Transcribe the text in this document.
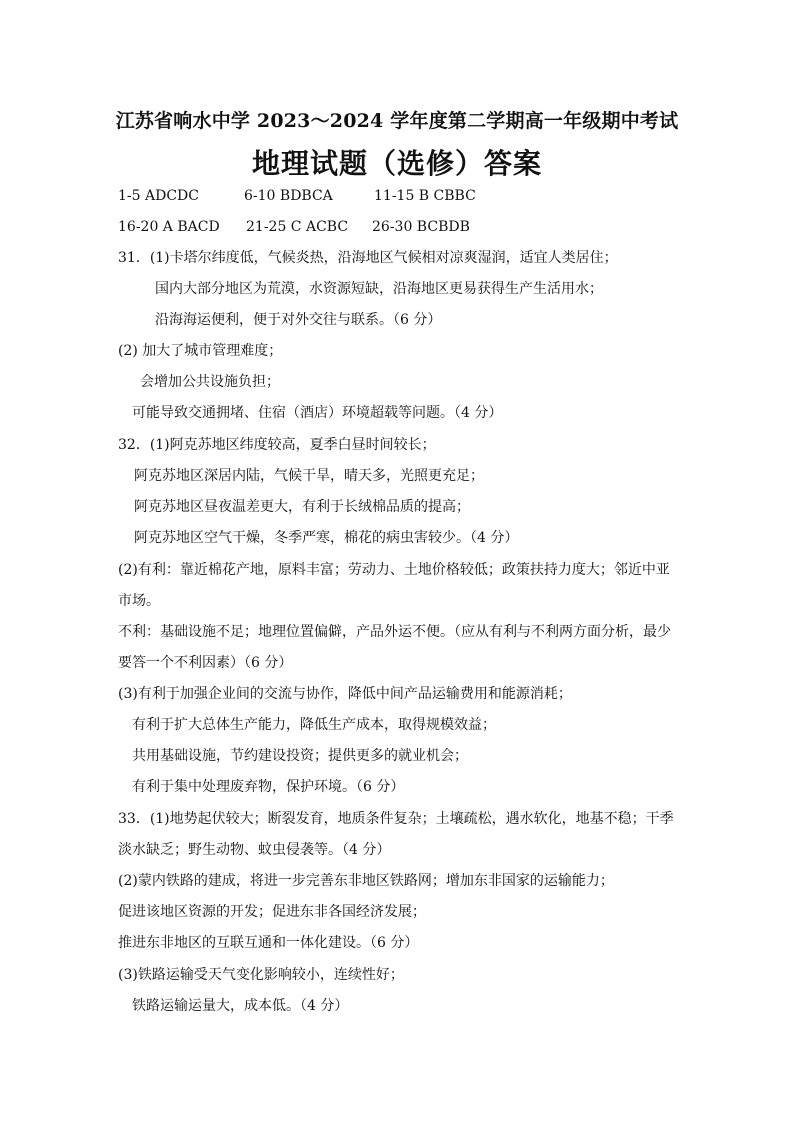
江苏省响水中学 2023～2024 学年度第二学期高一年级期中考试
地理试题（选修）答案
1-5 ADCDC	6-10 BDBCA	11-15 B CBBC
16-20 A BACD 21-25 C ACBC 26-30 BCBDB
31．(1)卡塔尔纬度低，气候炎热，沿海地区气候相对凉爽湿润，适宜人类居住；
国内大部分地区为荒漠，水资源短缺，沿海地区更易获得生产生活用水；
沿海海运便利，便于对外交往与联系。（6 分）
(2) 加大了城市管理难度；
会增加公共设施负担；
可能导致交通拥堵、住宿（酒店）环境超载等问题。（4 分）
32．(1)阿克苏地区纬度较高，夏季白昼时间较长；
阿克苏地区深居内陆，气候干旱，晴天多，光照更充足；
阿克苏地区昼夜温差更大，有利于长绒棉品质的提高；
阿克苏地区空气干燥，冬季严寒，棉花的病虫害较少。（4 分）
(2)有利：靠近棉花产地，原料丰富；劳动力、土地价格较低；政策扶持力度大；邻近中亚
市场。
不利：基础设施不足；地理位置偏僻，产品外运不便。（应从有利与不利两方面分析，最少
要答一个不利因素）（6 分）
(3)有利于加强企业间的交流与协作，降低中间产品运输费用和能源消耗；
有利于扩大总体生产能力，降低生产成本，取得规模效益；
共用基础设施，节约建设投资；提供更多的就业机会；
有利于集中处理废弃物，保护环境。（6 分）
33．(1)地势起伏较大；断裂发育，地质条件复杂；土壤疏松，遇水软化，地基不稳；干季
淡水缺乏；野生动物、蚊虫侵袭等。（4 分）
(2)蒙内铁路的建成，将进一步完善东非地区铁路网；增加东非国家的运输能力；
促进该地区资源的开发；促进东非各国经济发展；
推进东非地区的互联互通和一体化建设。（6 分）
(3)铁路运输受天气变化影响较小，连续性好；
铁路运输运量大，成本低。（4 分）
